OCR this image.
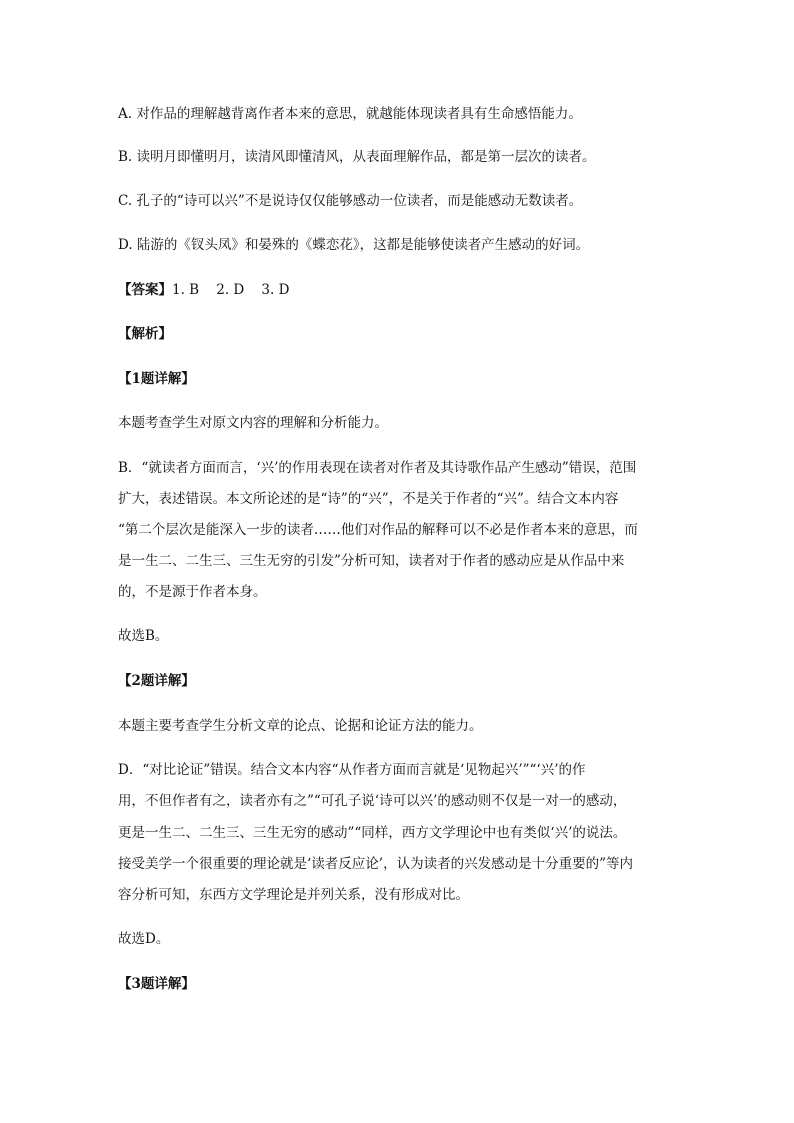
A. 对作品的理解越背离作者本来的意思，就越能体现读者具有生命感悟能力。
B. 读明月即懂明月，读清风即懂清风，从表面理解作品，都是第一层次的读者。
C. 孔子的“诗可以兴”不是说诗仅仅能够感动一位读者，而是能感动无数读者。
D. 陆游的《钗头凤》和晏殊的《蝶恋花》，这都是能够使读者产生感动的好词。
【答案】1. B    2. D    3. D
【解析】
【1题详解】
本题考查学生对原文内容的理解和分析能力。
B．“就读者方面而言，‘兴’的作用表现在读者对作者及其诗歌作品产生感动”错误，范围
扩大，表述错误。本文所论述的是“诗”的“兴”，不是关于作者的“兴”。结合文本内容
“第二个层次是能深入一步的读者……他们对作品的解释可以不必是作者本来的意思，而
是一生二、二生三、三生无穷的引发”分析可知，读者对于作者的感动应是从作品中来
的，不是源于作者本身。
故选B。
【2题详解】
本题主要考查学生分析文章的论点、论据和论证方法的能力。
D．“对比论证”错误。结合文本内容“从作者方面而言就是‘见物起兴’”“‘兴’的作
用，不但作者有之，读者亦有之”“可孔子说‘诗可以兴’的感动则不仅是一对一的感动，
更是一生二、二生三、三生无穷的感动”“同样，西方文学理论中也有类似‘兴’的说法。
接受美学一个很重要的理论就是‘读者反应论’，认为读者的兴发感动是十分重要的”等内
容分析可知，东西方文学理论是并列关系，没有形成对比。
故选D。
【3题详解】
